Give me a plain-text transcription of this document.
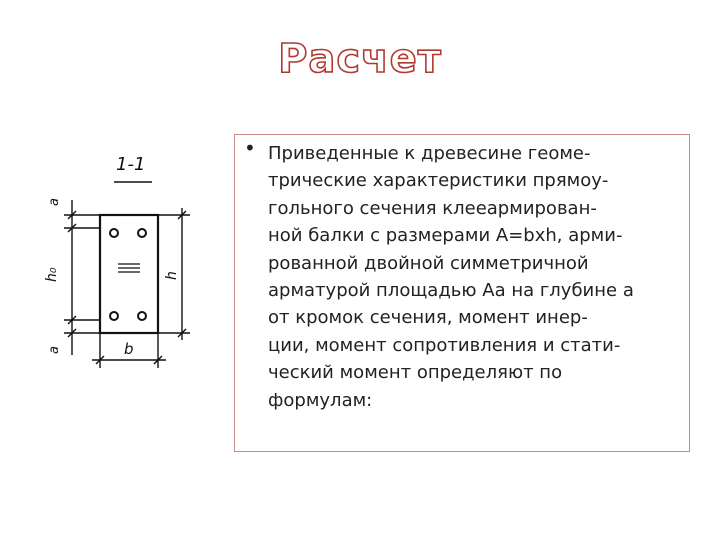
Расчет
1-1
a
h₀	h
a	b
• Приведенные к древесине геоме-
трические характеристики прямоу-
гольного сечения клееармирован-
ной балки с размерами A=bxh, арми-
рованной двойной симметричной
арматурой площадью Aa на глубине а
от кромок сечения, момент инер-
ции, момент сопротивления и стати-
ческий момент определяют по
формулам:
